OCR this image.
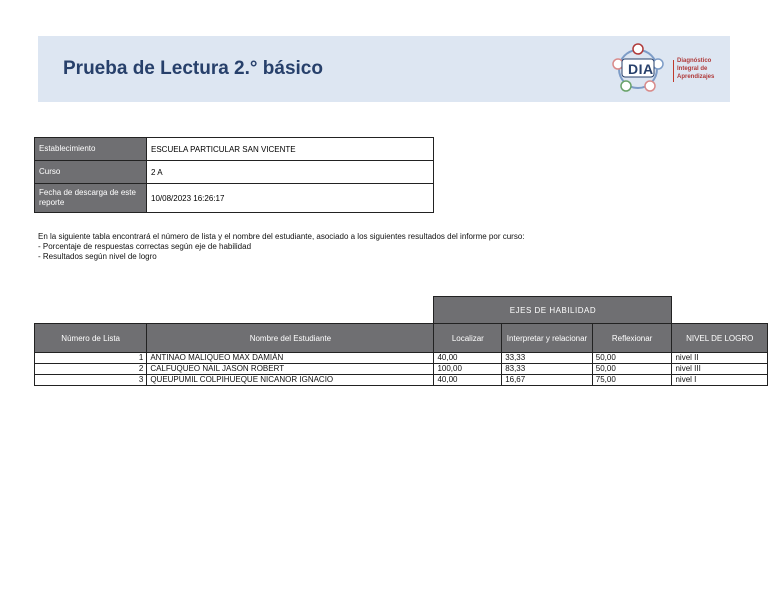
Prueba de Lectura 2.° básico	DIA	Diagnóstico
Integral de
Aprendizajes
Establecimiento	ESCUELA PARTICULAR SAN VICENTE
Curso	2 A
Fecha de descarga de este reporte	10/08/2023 16:26:17
En la siguiente tabla encontrará el número de lista y el nombre del estudiante, asociado a los siguientes resultados del informe por curso:
- Porcentaje de respuestas correctas según eje de habilidad
- Resultados según nivel de logro
		EJES DE HABILIDAD			
Número de Lista	Nombre del Estudiante	Localizar	Interpretar y relacionar	Reflexionar	NIVEL DE LOGRO
1	ANTINAO MALIQUEO MAX DAMIÁN	40,00	33,33	50,00	nivel II
2	CALFUQUEO NAIL JASON ROBERT	100,00	83,33	50,00	nivel III
3	QUEUPUMIL COLPIHUEQUE NICANOR IGNACIO	40,00	16,67	75,00	nivel I
